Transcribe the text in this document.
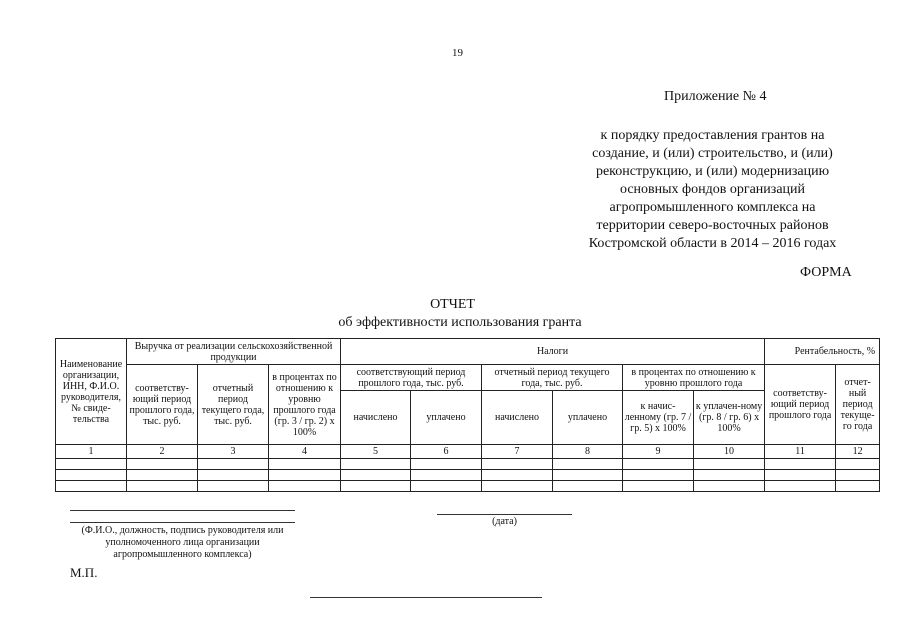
19
Приложение № 4
к порядку предоставления грантов на
создание, и (или) строительство, и (или)
реконструкцию, и (или) модернизацию
основных фондов организаций
агропромышленного комплекса на
территории северо-восточных районов
Костромской области в 2014 – 2016 годах
ФОРМА
ОТЧЕТ
об эффективности использования гранта
Наименование организации, ИНН, Ф.И.О. руководителя, № свиде-тельства	Выручка от реализации сельскохозяйственной продукции			Налоги						Рентабельность, %	
	соответству-ющий период прошлого года, тыс. руб.	отчетный период текущего года, тыс. руб.	в процентах по отношению к уровню прошлого года (гр. 3 / гр. 2) х 100%	соответствующий период прошлого года, тыс. руб.		отчетный период текущего года, тыс. руб.		в процентах по отношению к уровню прошлого года		соответству-ющий период прошлого года	отчет-ный период текуще-го года
				начислено	уплачено	начислено	уплачено	к начис-ленному (гр. 7 / гр. 5) х 100%	к уплачен-ному (гр. 8 / гр. 6) х 100%		
1	2	3	4	5	6	7	8	9	10	11	12

(Ф.И.О., должность, подпись руководителя или уполномоченного лица организации агропромышленного комплекса)
(дата)
М.П.
